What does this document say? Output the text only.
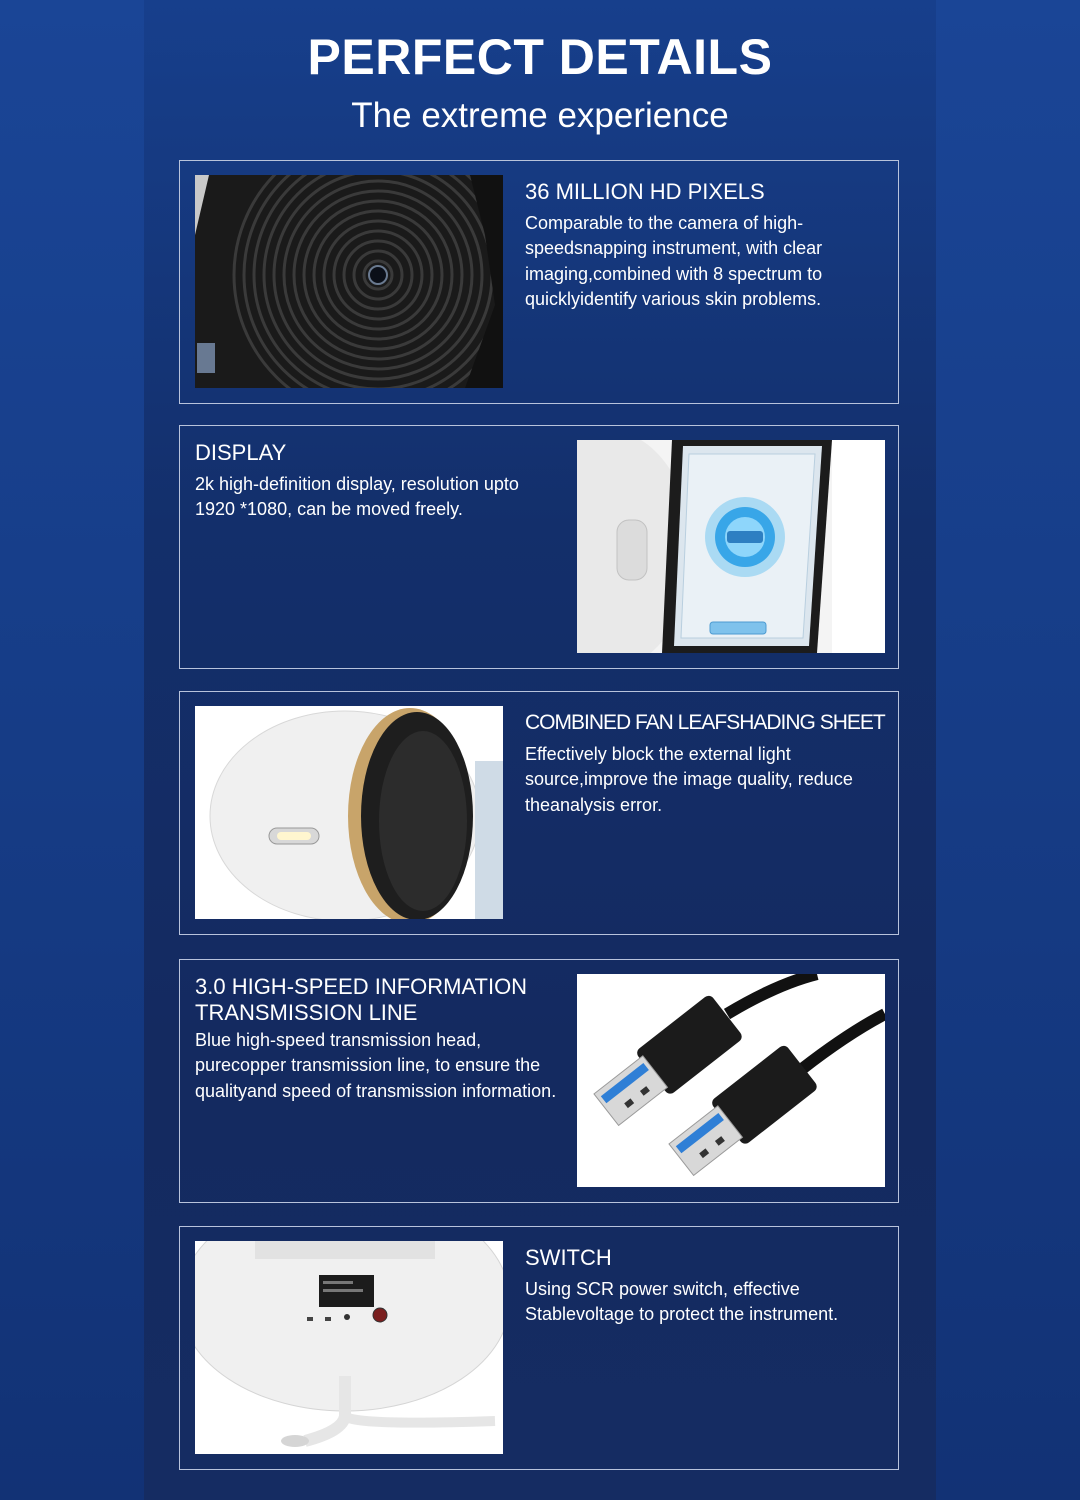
PERFECT DETAILS
The extreme experience
36 MILLION HD PIXELS
Comparable to the camera of high-speedsnapping instrument, with clear imaging,combined with 8 spectrum to quicklyidentify various skin problems.
DISPLAY
2k high-definition display, resolution upto 1920 *1080, can be moved freely.
COMBINED FAN LEAFSHADING SHEET
Effectively block the external light source,improve the image quality, reduce theanalysis error.
3.0 HIGH-SPEED INFORMATION TRANSMISSION LINE
Blue high-speed transmission head, purecopper transmission line, to ensure the qualityand speed of transmission information.
SWITCH
Using SCR power switch, effective Stablevoltage to protect the instrument.
